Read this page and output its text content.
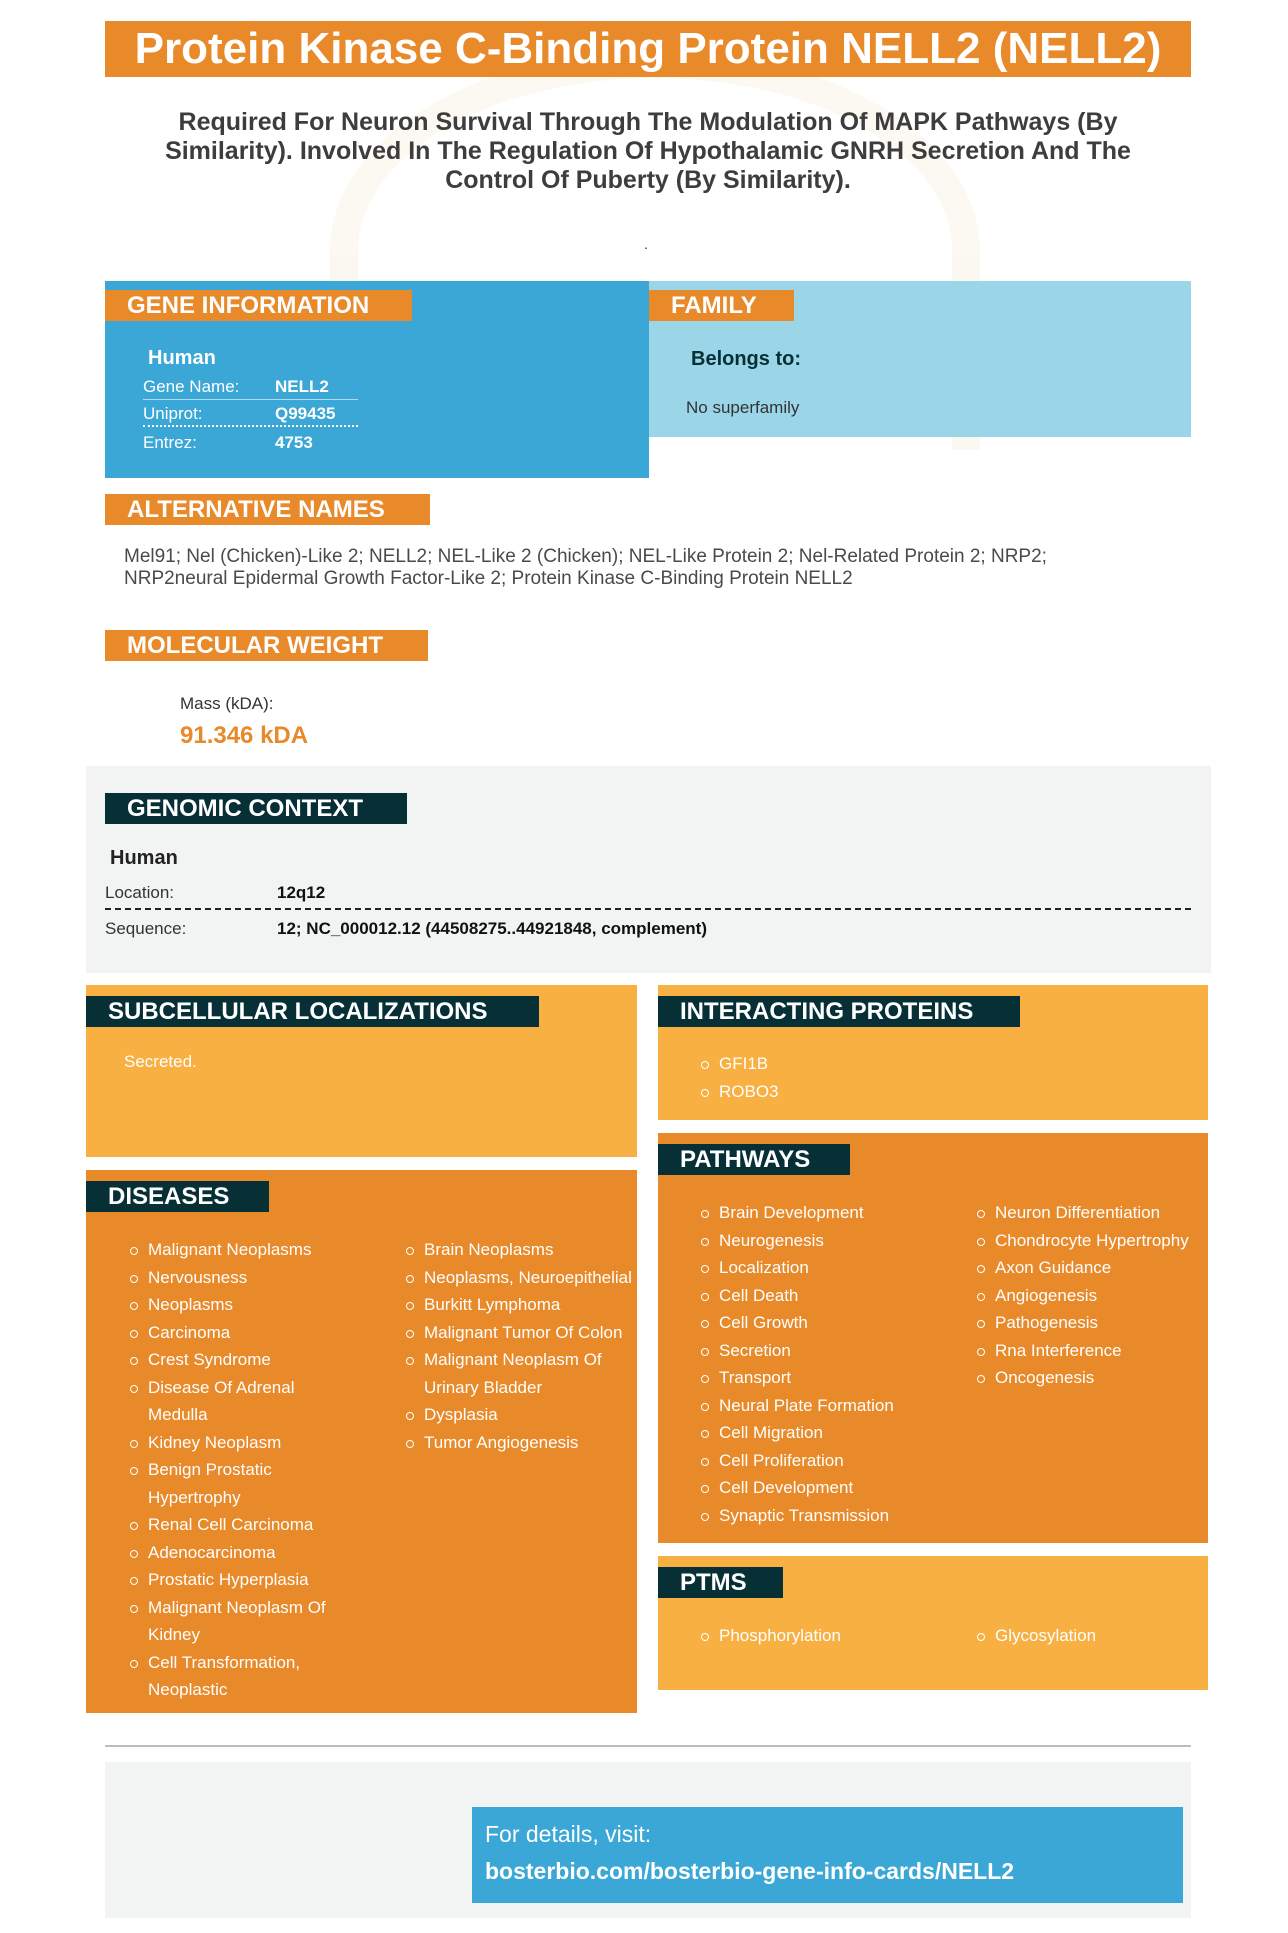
Protein Kinase C-Binding Protein NELL2 (NELL2)
Required For Neuron Survival Through The Modulation Of MAPK Pathways (By Similarity). Involved In The Regulation Of Hypothalamic GNRH Secretion And The Control Of Puberty (By Similarity).
.
GENE INFORMATION
Human
Gene Name: NELL2
Uniprot:	Q99435
Entrez:	4753
FAMILY
Belongs to:
No superfamily
ALTERNATIVE NAMES
Mel91; Nel (Chicken)-Like 2; NELL2; NEL-Like 2 (Chicken); NEL-Like Protein 2; Nel-Related Protein 2; NRP2; NRP2neural Epidermal Growth Factor-Like 2; Protein Kinase C-Binding Protein NELL2
MOLECULAR WEIGHT
Mass (kDA):
91.346 kDA
GENOMIC CONTEXT
Human
Location:	12q12
Sequence:	12; NC_000012.12 (44508275..44921848, complement)
SUBCELLULAR LOCALIZATIONS
Secreted.
INTERACTING PROTEINS
GFI1B
ROBO3
DISEASES
Malignant Neoplasms
Nervousness
Neoplasms
Carcinoma
Crest Syndrome
Disease Of Adrenal Medulla
Kidney Neoplasm
Benign Prostatic Hypertrophy
Renal Cell Carcinoma
Adenocarcinoma
Prostatic Hyperplasia
Malignant Neoplasm Of Kidney
Cell Transformation, Neoplastic
Brain Neoplasms
Neoplasms, Neuroepithelial
Burkitt Lymphoma
Malignant Tumor Of Colon
Malignant Neoplasm Of Urinary Bladder
Dysplasia
Tumor Angiogenesis
PATHWAYS
Brain Development
Neurogenesis
Localization
Cell Death
Cell Growth
Secretion
Transport
Neural Plate Formation
Cell Migration
Cell Proliferation
Cell Development
Synaptic Transmission
Neuron Differentiation
Chondrocyte Hypertrophy
Axon Guidance
Angiogenesis
Pathogenesis
Rna Interference
Oncogenesis
PTMS
Phosphorylation	Glycosylation
For details, visit:
bosterbio.com/bosterbio-gene-info-cards/NELL2
